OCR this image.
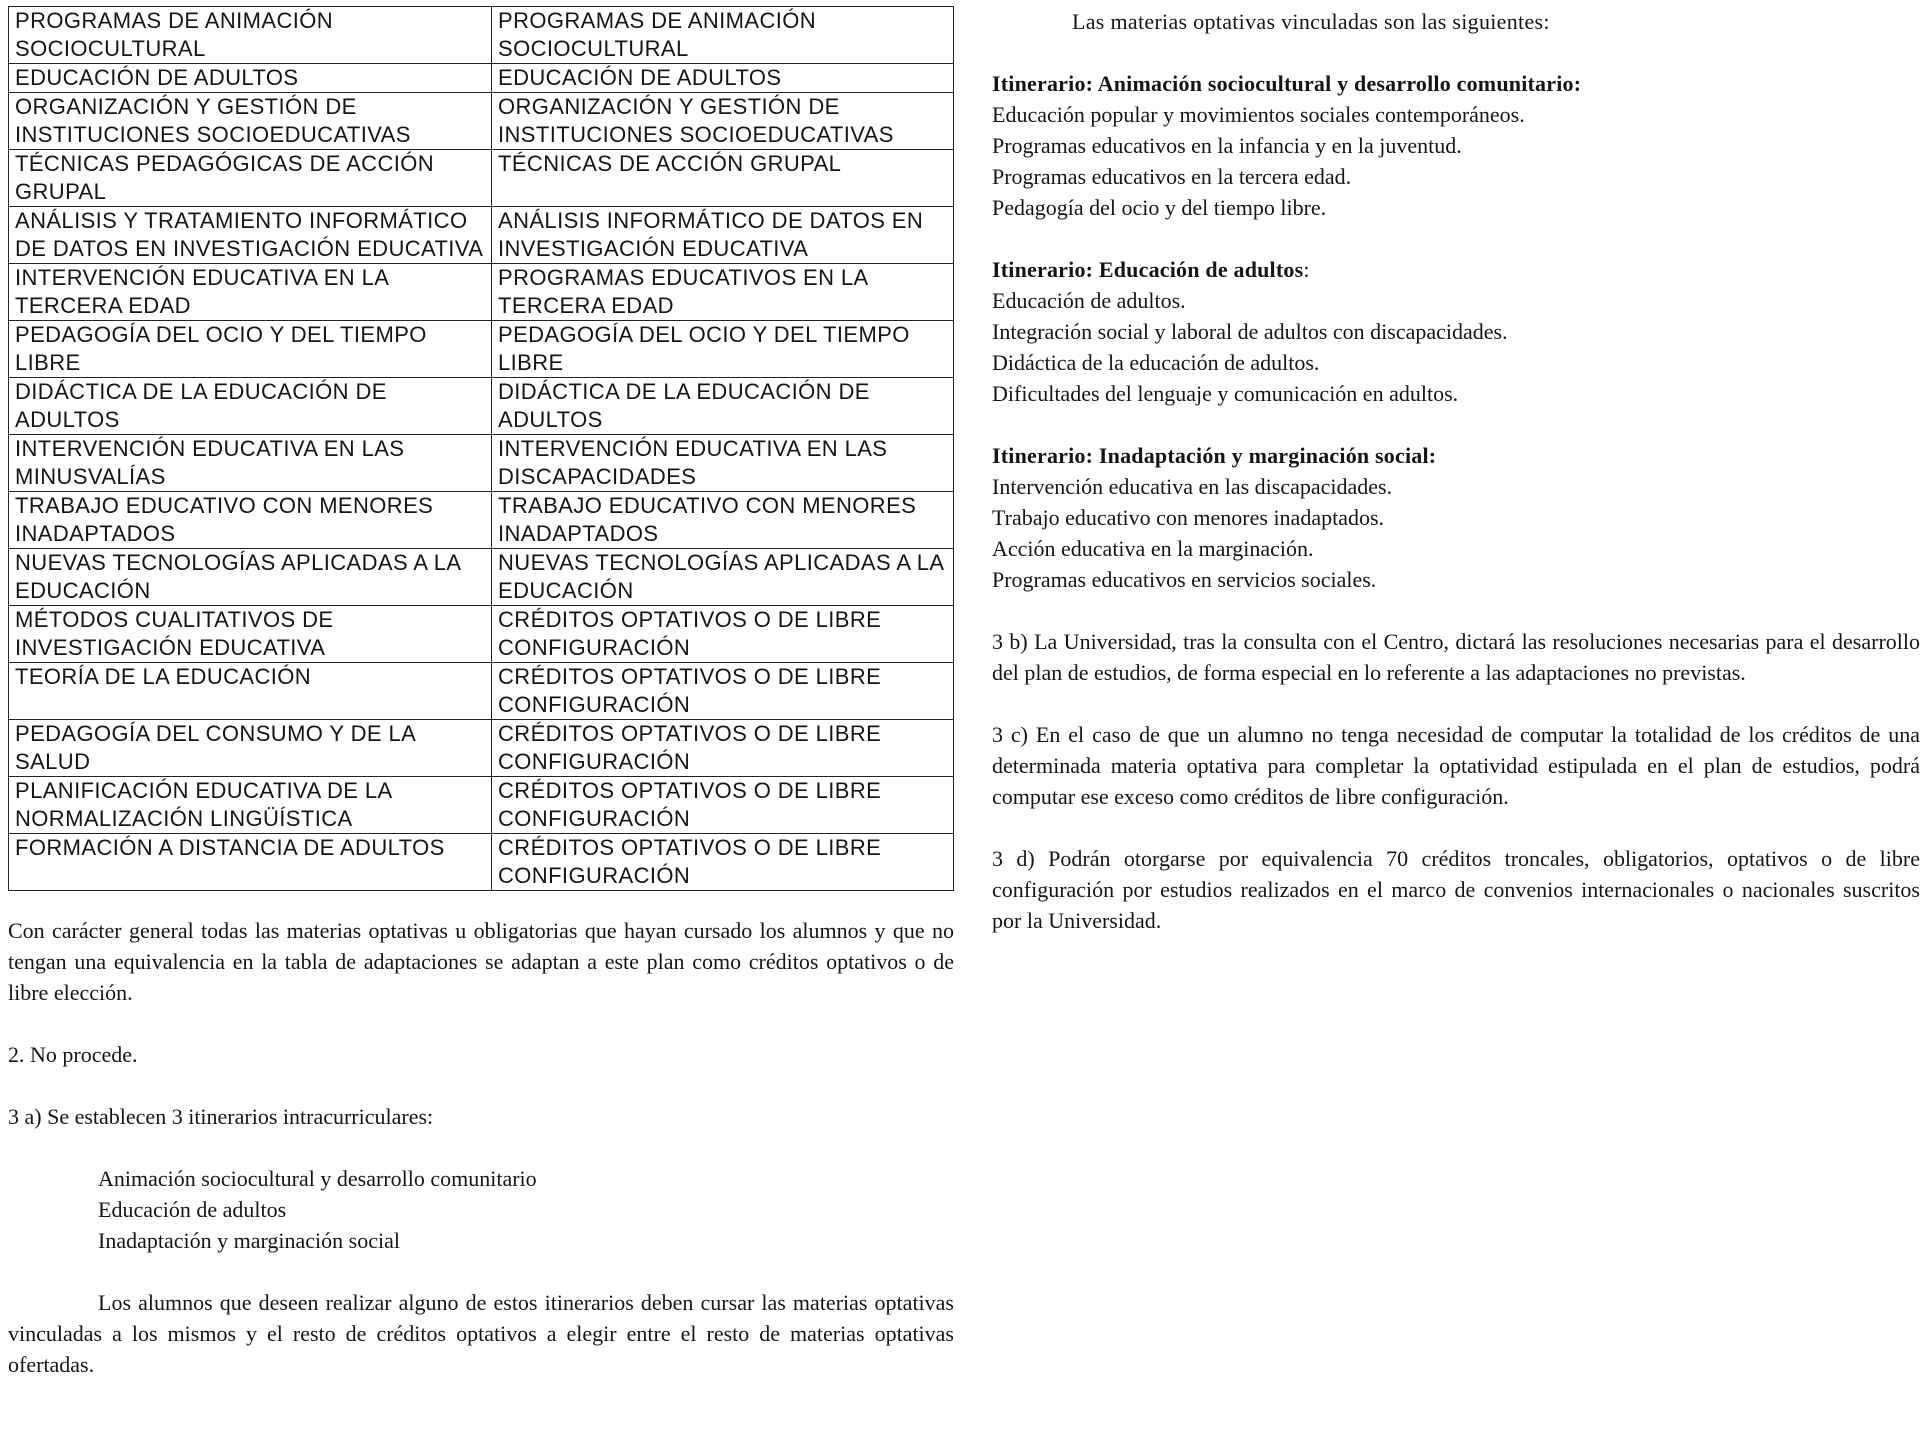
PROGRAMAS DE ANIMACIÓN SOCIOCULTURAL	PROGRAMAS DE ANIMACIÓN SOCIOCULTURAL
EDUCACIÓN DE ADULTOS	EDUCACIÓN DE ADULTOS
ORGANIZACIÓN Y GESTIÓN DE INSTITUCIONES SOCIOEDUCATIVAS	ORGANIZACIÓN Y GESTIÓN DE INSTITUCIONES SOCIOEDUCATIVAS
TÉCNICAS PEDAGÓGICAS DE ACCIÓN GRUPAL	TÉCNICAS DE ACCIÓN GRUPAL
ANÁLISIS Y TRATAMIENTO INFORMÁTICO DE DATOS EN INVESTIGACIÓN EDUCATIVA	ANÁLISIS INFORMÁTICO DE DATOS EN INVESTIGACIÓN EDUCATIVA
INTERVENCIÓN EDUCATIVA EN LA TERCERA EDAD	PROGRAMAS EDUCATIVOS EN LA TERCERA EDAD
PEDAGOGÍA DEL OCIO Y DEL TIEMPO LIBRE	PEDAGOGÍA DEL OCIO Y DEL TIEMPO LIBRE
DIDÁCTICA DE LA EDUCACIÓN DE ADULTOS	DIDÁCTICA DE LA EDUCACIÓN DE ADULTOS
INTERVENCIÓN EDUCATIVA EN LAS MINUSVALÍAS	INTERVENCIÓN EDUCATIVA EN LAS DISCAPACIDADES
TRABAJO EDUCATIVO CON MENORES INADAPTADOS	TRABAJO EDUCATIVO CON MENORES INADAPTADOS
NUEVAS TECNOLOGÍAS APLICADAS A LA EDUCACIÓN	NUEVAS TECNOLOGÍAS APLICADAS A LA EDUCACIÓN
MÉTODOS CUALITATIVOS DE INVESTIGACIÓN EDUCATIVA	CRÉDITOS OPTATIVOS O DE LIBRE CONFIGURACIÓN
TEORÍA DE LA EDUCACIÓN	CRÉDITOS OPTATIVOS O DE LIBRE CONFIGURACIÓN
PEDAGOGÍA DEL CONSUMO Y DE LA SALUD	CRÉDITOS OPTATIVOS O DE LIBRE CONFIGURACIÓN
PLANIFICACIÓN EDUCATIVA DE LA NORMALIZACIÓN LINGÜÍSTICA	CRÉDITOS OPTATIVOS O DE LIBRE CONFIGURACIÓN
FORMACIÓN A DISTANCIA DE ADULTOS	CRÉDITOS OPTATIVOS O DE LIBRE CONFIGURACIÓN

Con carácter general todas las materias optativas u obligatorias que hayan cursado los alumnos y que no tengan una equivalencia en la tabla de adaptaciones se adaptan a este plan como créditos optativos o de libre elección.

2. No procede.

3 a) Se establecen 3 itinerarios intracurriculares:

Animación sociocultural y desarrollo comunitario

Educación de adultos

Inadaptación y marginación social

Los alumnos que deseen realizar alguno de estos itinerarios deben cursar las materias optativas vinculadas a los mismos y el resto de créditos optativos a elegir entre el resto de materias optativas ofertadas.

Las materias optativas vinculadas son las siguientes:

Itinerario: Animación sociocultural y desarrollo comunitario:

Educación popular y movimientos sociales contemporáneos.

Programas educativos en la infancia y en la juventud.

Programas educativos en la tercera edad.

Pedagogía del ocio y del tiempo libre.

Itinerario: Educación de adultos:

Educación de adultos.

Integración social y laboral de adultos con discapacidades.

Didáctica de la educación de adultos.

Dificultades del lenguaje y comunicación en adultos.

Itinerario: Inadaptación y marginación social:

Intervención educativa en las discapacidades.

Trabajo educativo con menores inadaptados.

Acción educativa en la marginación.

Programas educativos en servicios sociales.

3 b) La Universidad, tras la consulta con el Centro, dictará las resoluciones necesarias para el desarrollo del plan de estudios, de forma especial en lo referente a las adaptaciones no previstas.

3 c) En el caso de que un alumno no tenga necesidad de computar la totalidad de los créditos de una determinada materia optativa para completar la optatividad estipulada en el plan de estudios, podrá computar ese exceso como créditos de libre configuración.

3 d) Podrán otorgarse por equivalencia 70 créditos troncales, obligatorios, optativos o de libre configuración por estudios realizados en el marco de convenios internacionales o nacionales suscritos por la Universidad.
